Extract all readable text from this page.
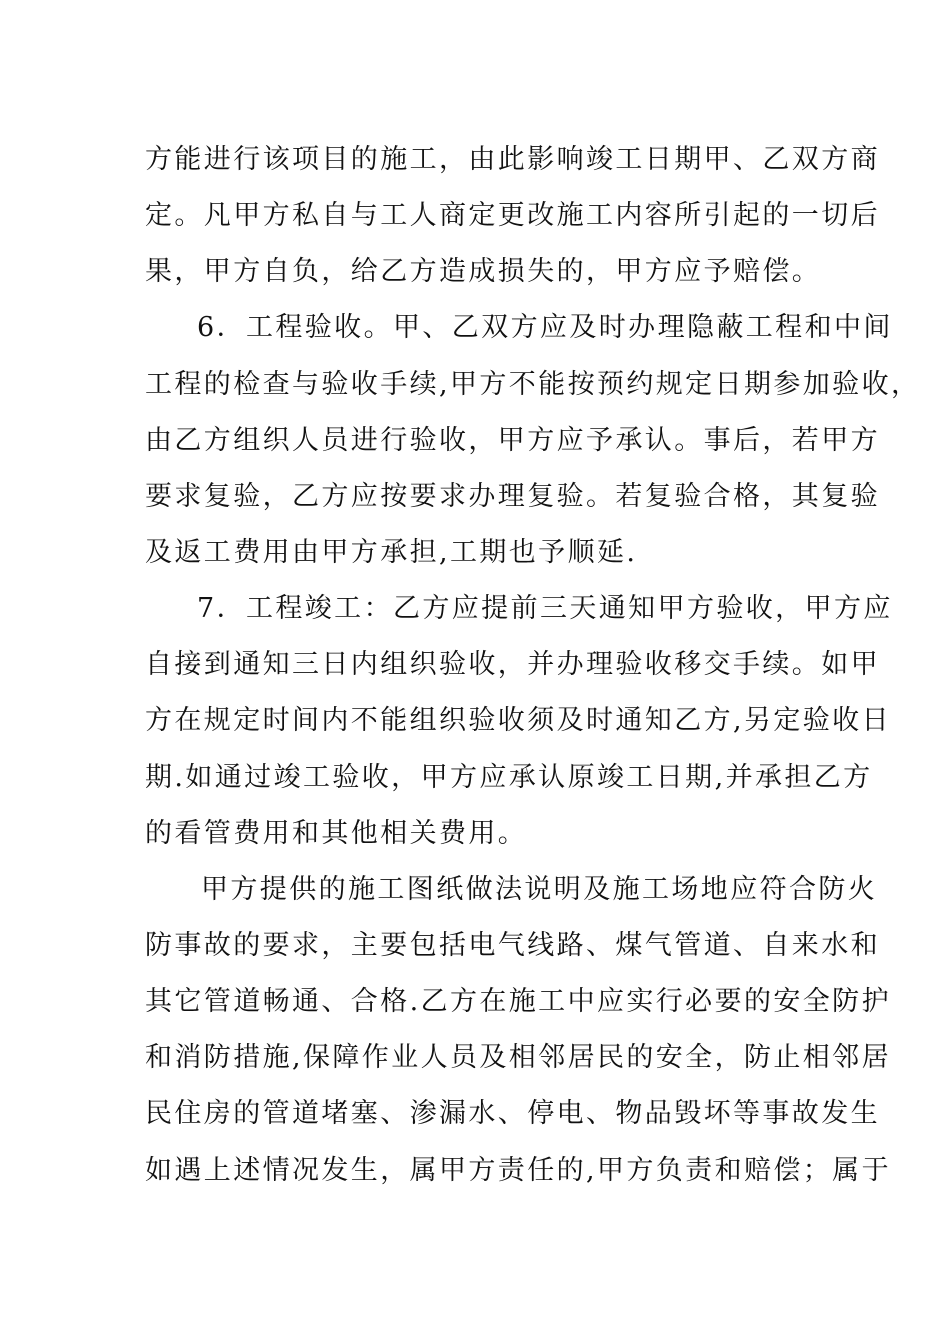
方能进行该项目的施工，由此影响竣工日期甲、乙双方商
定。凡甲方私自与工人商定更改施工内容所引起的一切后
果，甲方自负，给乙方造成损失的，甲方应予赔偿。
6．工程验收。甲、乙双方应及时办理隐蔽工程和中间
工程的检查与验收手续,甲方不能按预约规定日期参加验收，
由乙方组织人员进行验收，甲方应予承认。事后，若甲方
要求复验，乙方应按要求办理复验。若复验合格，其复验
及返工费用由甲方承担,工期也予顺延.
7．工程竣工：乙方应提前三天通知甲方验收，甲方应
自接到通知三日内组织验收，并办理验收移交手续。如甲
方在规定时间内不能组织验收须及时通知乙方,另定验收日
期.如通过竣工验收，甲方应承认原竣工日期,并承担乙方
的看管费用和其他相关费用。
甲方提供的施工图纸做法说明及施工场地应符合防火
防事故的要求，主要包括电气线路、煤气管道、自来水和
其它管道畅通、合格.乙方在施工中应实行必要的安全防护
和消防措施,保障作业人员及相邻居民的安全，防止相邻居
民住房的管道堵塞、渗漏水、停电、物品毁坏等事故发生
如遇上述情况发生，属甲方责任的,甲方负责和赔偿；属于
